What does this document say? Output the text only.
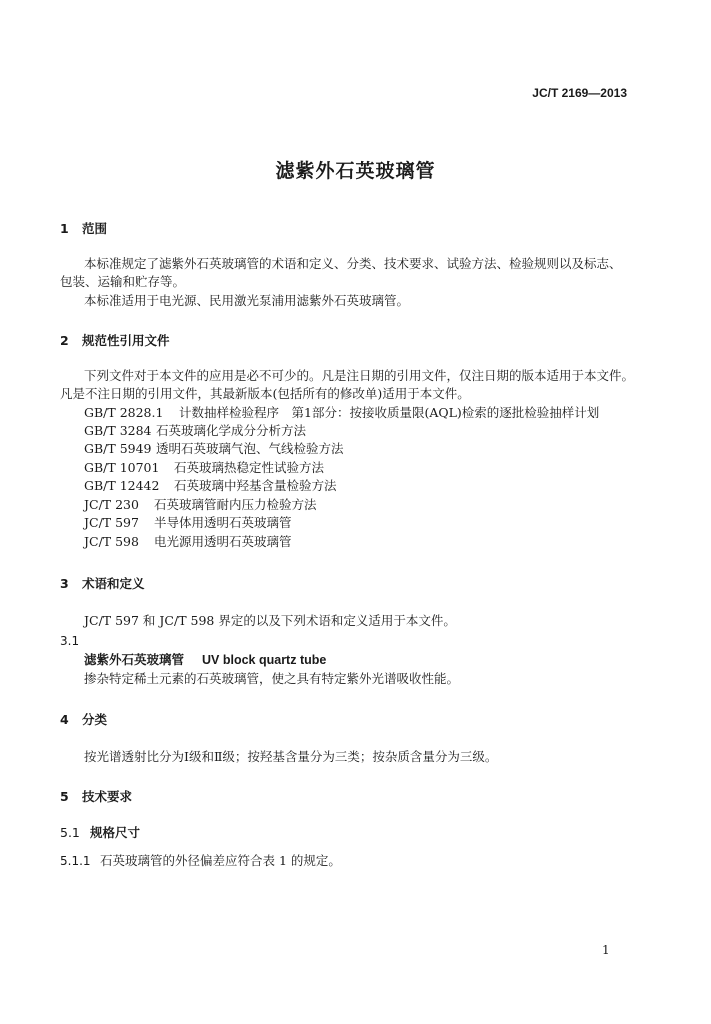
JC/T 2169—2013
滤紫外石英玻璃管
1 范围
本标准规定了滤紫外石英玻璃管的术语和定义、分类、技术要求、试验方法、检验规则以及标志、
包装、运输和贮存等。
本标准适用于电光源、民用激光泵浦用滤紫外石英玻璃管。
2 规范性引用文件
下列文件对于本文件的应用是必不可少的。凡是注日期的引用文件，仅注日期的版本适用于本文件。
凡是不注日期的引用文件，其最新版本(包括所有的修改单)适用于本文件。
GB/T 2828.1 计数抽样检验程序　第1部分：按接收质量限(AQL)检索的逐批检验抽样计划
GB/T 3284 石英玻璃化学成分分析方法
GB/T 5949 透明石英玻璃气泡、气线检验方法
GB/T 10701 石英玻璃热稳定性试验方法
GB/T 12442 石英玻璃中羟基含量检验方法
JC/T 230 石英玻璃管耐内压力检验方法
JC/T 597 半导体用透明石英玻璃管
JC/T 598 电光源用透明石英玻璃管
3 术语和定义
JC/T 597 和 JC/T 598 界定的以及下列术语和定义适用于本文件。
3.1
滤紫外石英玻璃管 UV block quartz tube
掺杂特定稀土元素的石英玻璃管，使之具有特定紫外光谱吸收性能。
4 分类
按光谱透射比分为Ⅰ级和Ⅱ级；按羟基含量分为三类；按杂质含量分为三级。
5 技术要求
5.1 规格尺寸
5.1.1 石英玻璃管的外径偏差应符合表 1 的规定。
1
